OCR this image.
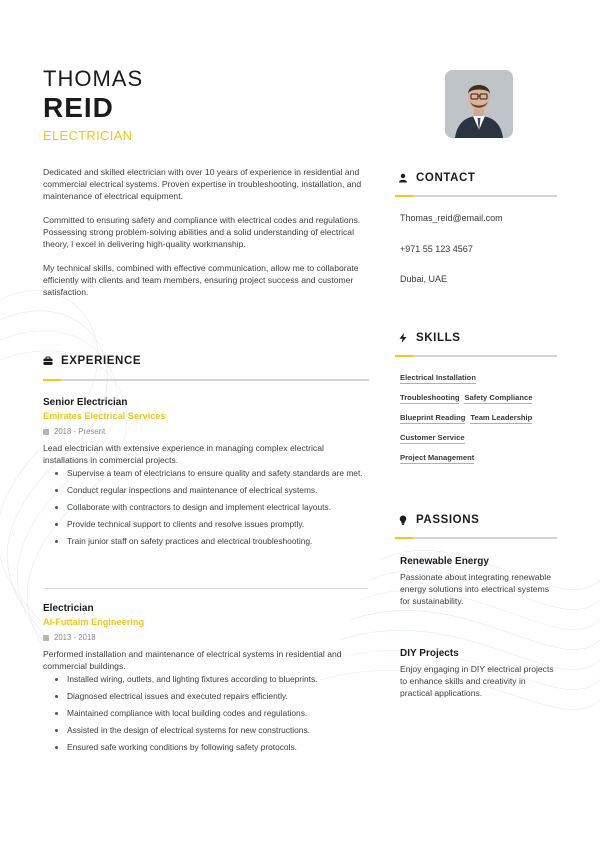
THOMAS
REID
ELECTRICIAN

Dedicated and skilled electrician with over 10 years of experience in residential and commercial electrical systems. Proven expertise in troubleshooting, installation, and maintenance of electrical equipment.

Committed to ensuring safety and compliance with electrical codes and regulations. Possessing strong problem-solving abilities and a solid understanding of electrical theory, I excel in delivering high-quality workmanship.

My technical skills, combined with effective communication, allow me to collaborate efficiently with clients and team members, ensuring project success and customer satisfaction.

EXPERIENCE
Senior Electrician
Emirates Electrical Services
2018 - Present
Lead electrician with extensive experience in managing complex electrical installations in commercial projects.
Supervise a team of electricians to ensure quality and safety standards are met.
Conduct regular inspections and maintenance of electrical systems.
Collaborate with contractors to design and implement electrical layouts.
Provide technical support to clients and resolve issues promptly.
Train junior staff on safety practices and electrical troubleshooting.
Electrician
Al-Futtaim Engineering
2013 - 2018
Performed installation and maintenance of electrical systems in residential and commercial buildings.
Installed wiring, outlets, and lighting fixtures according to blueprints.
Diagnosed electrical issues and executed repairs efficiently.
Maintained compliance with local building codes and regulations.
Assisted in the design of electrical systems for new constructions.
Ensured safe working conditions by following safety protocols.
CONTACT
Thomas_reid@email.com
+971 55 123 4567
Dubai, UAE
SKILLS
Electrical Installation
Troubleshooting Safety Compliance
Blueprint Reading Team Leadership
Customer Service
Project Management
PASSIONS
Renewable Energy
Passionate about integrating renewable energy solutions into electrical systems for sustainability.
DIY Projects
Enjoy engaging in DIY electrical projects to enhance skills and creativity in practical applications.
